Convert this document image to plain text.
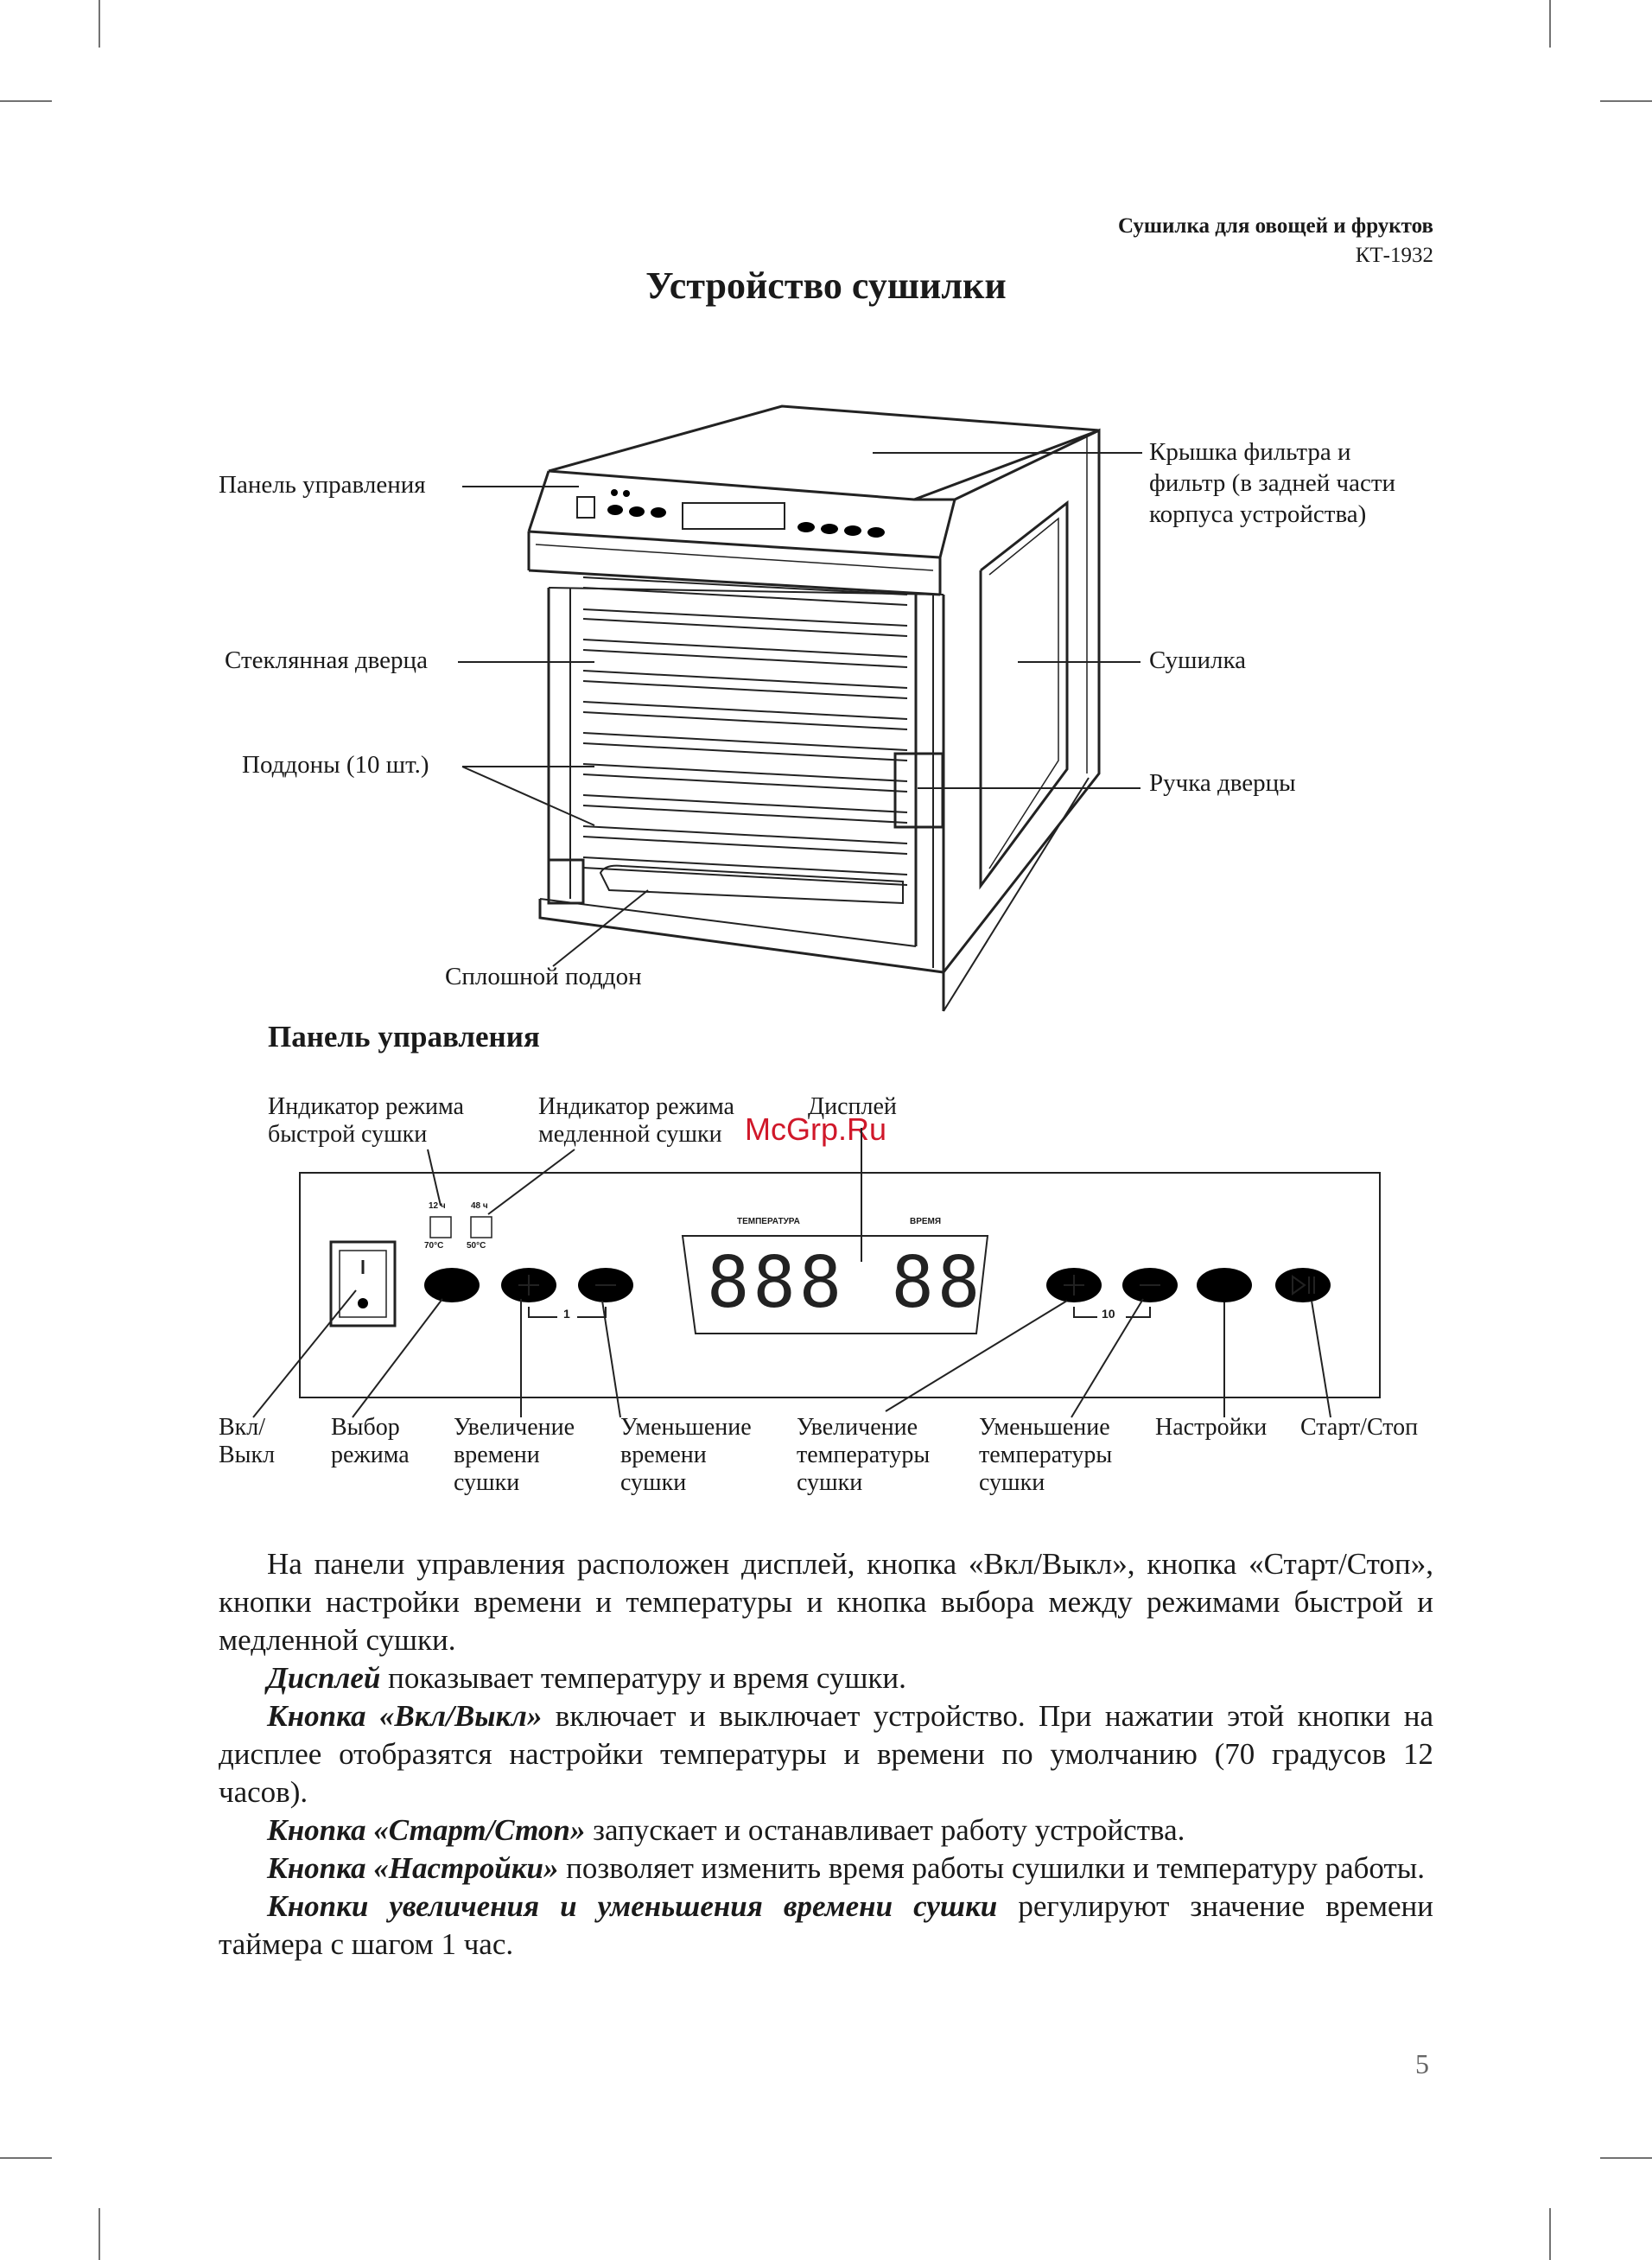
Сушилка для овощей и фруктов
КТ-1932
Устройство сушилки
Панель управления
Стеклянная дверца
Поддоны (10 шт.)
Сплошной поддон
Крышка фильтра и
фильтр (в задней части
корпуса устройства)
Сушилка
Ручка дверцы
Панель управления
Индикатор режима
быстрой сушки
Индикатор режима
медленной сушки
Дисплей
McGrp.Ru
12 ч
70°С
48 ч
50°С
ТЕМПЕРАТУРА	ВРЕМЯ
888 88
1	10
Вкл/
Выкл
Выбор
режима
Увеличение
времени
сушки
Уменьшение
времени
сушки
Увеличение
температуры
сушки
Уменьшение
температуры
сушки
Настройки Старт/Стоп

На панели управления расположен дисплей, кнопка «Вкл/Выкл», кнопка «Старт/Стоп», кнопки настройки времени и температуры и кнопка выбора между режимами быстрой и медленной сушки.

Дисплей показывает температуру и время сушки.

Кнопка «Вкл/Выкл» включает и выключает устройство. При нажатии этой кнопки на дисплее отобразятся настройки температуры и времени по умолчанию (70 градусов 12 часов).

Кнопка «Старт/Стоп» запускает и останавливает работу устройства.

Кнопка «Настройки» позволяет изменить время работы сушилки и температуру работы.

Кнопки увеличения и уменьшения времени сушки регулируют значение времени таймера с шагом 1 час.

5
